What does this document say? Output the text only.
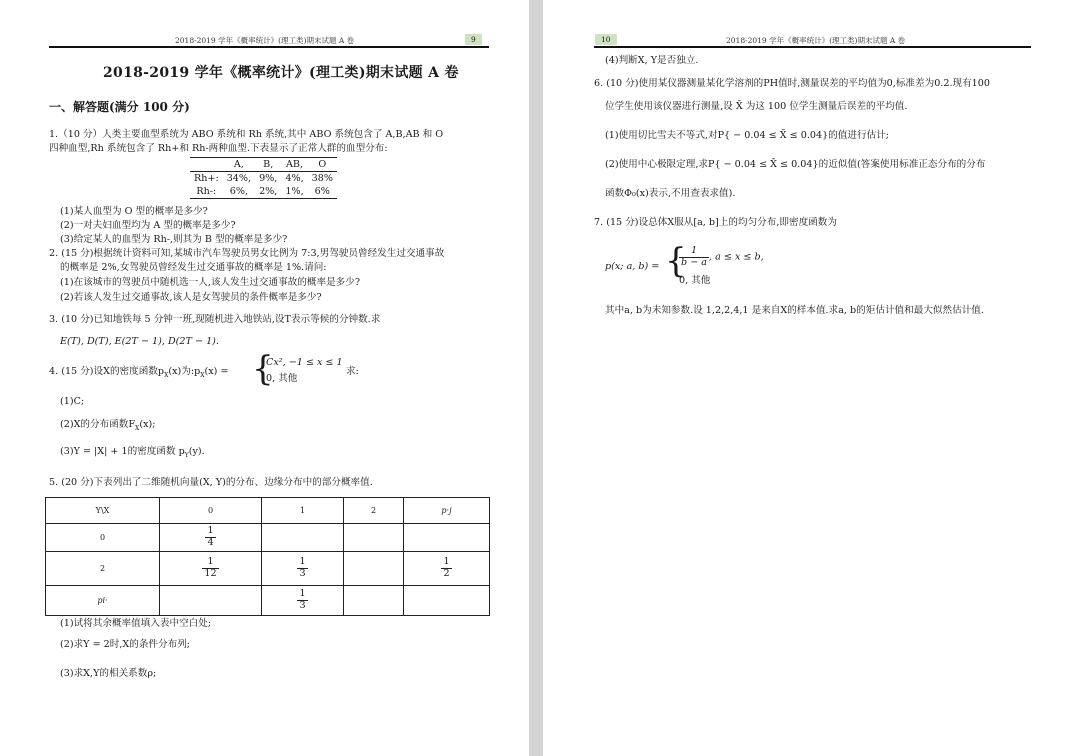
2018-2019 学年《概率统计》(理工类)期末试题 A 卷	9
2018-2019 学年《概率统计》(理工类)期末试题 A 卷
一、解答题(满分 100 分)
1.（10 分）人类主要血型系统为 ABO 系统和 Rh 系统,其中 ABO 系统包含了 A,B,AB 和 O
四种血型,Rh 系统包含了 Rh+和 Rh-两种血型.下表显示了正常人群的血型分布:
	A,	B,	AB,	O
Rh+:	34%,	9%,	4%,	38%
Rh-:	6%,	2%,	1%,	6%
(1)某人血型为 O 型的概率是多少?
(2)一对夫妇血型均为 A 型的概率是多少?
(3)给定某人的血型为 Rh-,则其为 B 型的概率是多少?
2. (15 分)根据统计资料可知,某城市汽车驾驶员男女比例为 7:3,男驾驶员曾经发生过交通事故
的概率是 2%,女驾驶员曾经发生过交通事故的概率是 1%.请问:
(1)在该城市的驾驶员中随机选一人,该人发生过交通事故的概率是多少?
(2)若该人发生过交通事故,该人是女驾驶员的条件概率是多少?
3. (10 分)已知地铁每 5 分钟一班,现随机进入地铁站,设T表示等候的分钟数.求
E(T), D(T), E(2T − 1), D(2T − 1).
4. (15 分)设X的密度函数$p_X(x)$为$:p_X(x)$ = {
Cx², −1 ≤ x ≤ 1
0, 其他
求:
(1)C;
(2)X的分布函数$F_X(x)$;
(3)Y = |X| + 1的密度函数 $p_Y(y)$.
5. (20 分)下表列出了二维随机向量(X, Y)的分布、边缘分布中的部分概率值.
Y\X	0	1	2	p·j
0	$\frac{1}{4}$

2	$\frac{1}{12}$	$\frac{1}{3}$		$\frac{1}{2}$

pi·		$\frac{1}{3}$

(1)试将其余概率值填入表中空白处;
(2)求Y = 2时,X的条件分布列;
(3)求X,Y的相关系数ρ;
10	2018-2019 学年《概率统计》(理工类)期末试题 A 卷
(4)判断X, Y是否独立.
6. (10 分)使用某仪器测量某化学溶剂的PH值时,测量误差的平均值为0,标准差为0.2.现有100
位学生使用该仪器进行测量,设 X̄ 为这 100 位学生测量后误差的平均值.
(1)使用切比雪夫不等式,对P{ − 0.04 ≤ X̄ ≤ 0.04}的值进行估计;
(2)使用中心极限定理,求P{ − 0.04 ≤ X̄ ≤ 0.04}的近似值(答案使用标准正态分布的分布
函数Φ₀(x)表示,不用查表求值).
7. (15 分)设总体X服从[a, b]上的均匀分布,即密度函数为
p(x; a, b) = {
$\frac{1}{b - a}$ , a ≤ x ≤ b,
0, 其他
其中a, b为未知参数.设 1,2,2,4,1 是来自X的样本值.求a, b的矩估计值和最大似然估计值.
